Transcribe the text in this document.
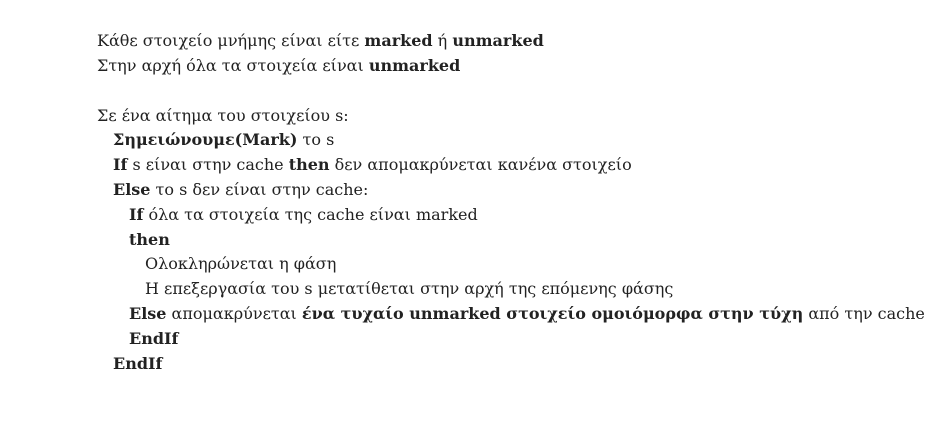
Κάθε στοιχείο μνήμης είναι είτε marked ή unmarked
Στην αρχή όλα τα στοιχεία είναι unmarked
Σε ένα αίτημα του στοιχείου s:
Σημειώνουμε(Mark) το s
If s είναι στην cache then δεν απομακρύνεται κανένα στοιχείο
Else το s δεν είναι στην cache:
If όλα τα στοιχεία της cache είναι marked
then
Ολοκληρώνεται η φάση
Η επεξεργασία του s μετατίθεται στην αρχή της επόμενης φάσης
Else απομακρύνεται ένα τυχαίο unmarked στοιχείο ομοιόμορφα στην τύχη από την cache
EndIf
EndIf
